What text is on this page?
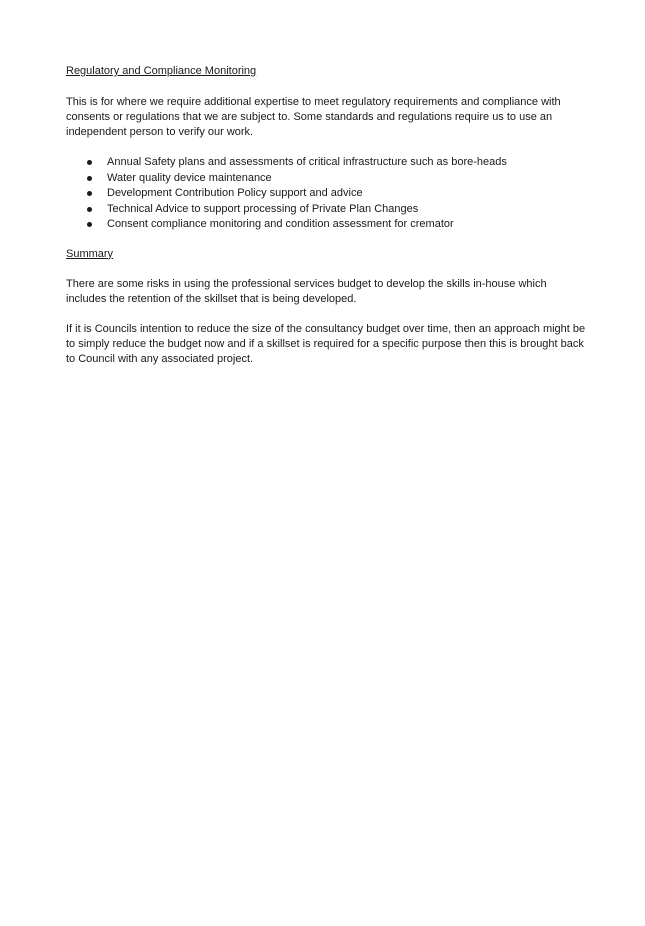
Regulatory and Compliance Monitoring

This is for where we require additional expertise to meet regulatory requirements and compliance with consents or regulations that we are subject to. Some standards and regulations require us to use an independent person to verify our work.

Annual Safety plans and assessments of critical infrastructure such as bore-heads
Water quality device maintenance
Development Contribution Policy support and advice
Technical Advice to support processing of Private Plan Changes
Consent compliance monitoring and condition assessment for cremator
Summary

There are some risks in using the professional services budget to develop the skills in-house which includes the retention of the skillset that is being developed.

If it is Councils intention to reduce the size of the consultancy budget over time, then an approach might be to simply reduce the budget now and if a skillset is required for a specific purpose then this is brought back to Council with any associated project.
